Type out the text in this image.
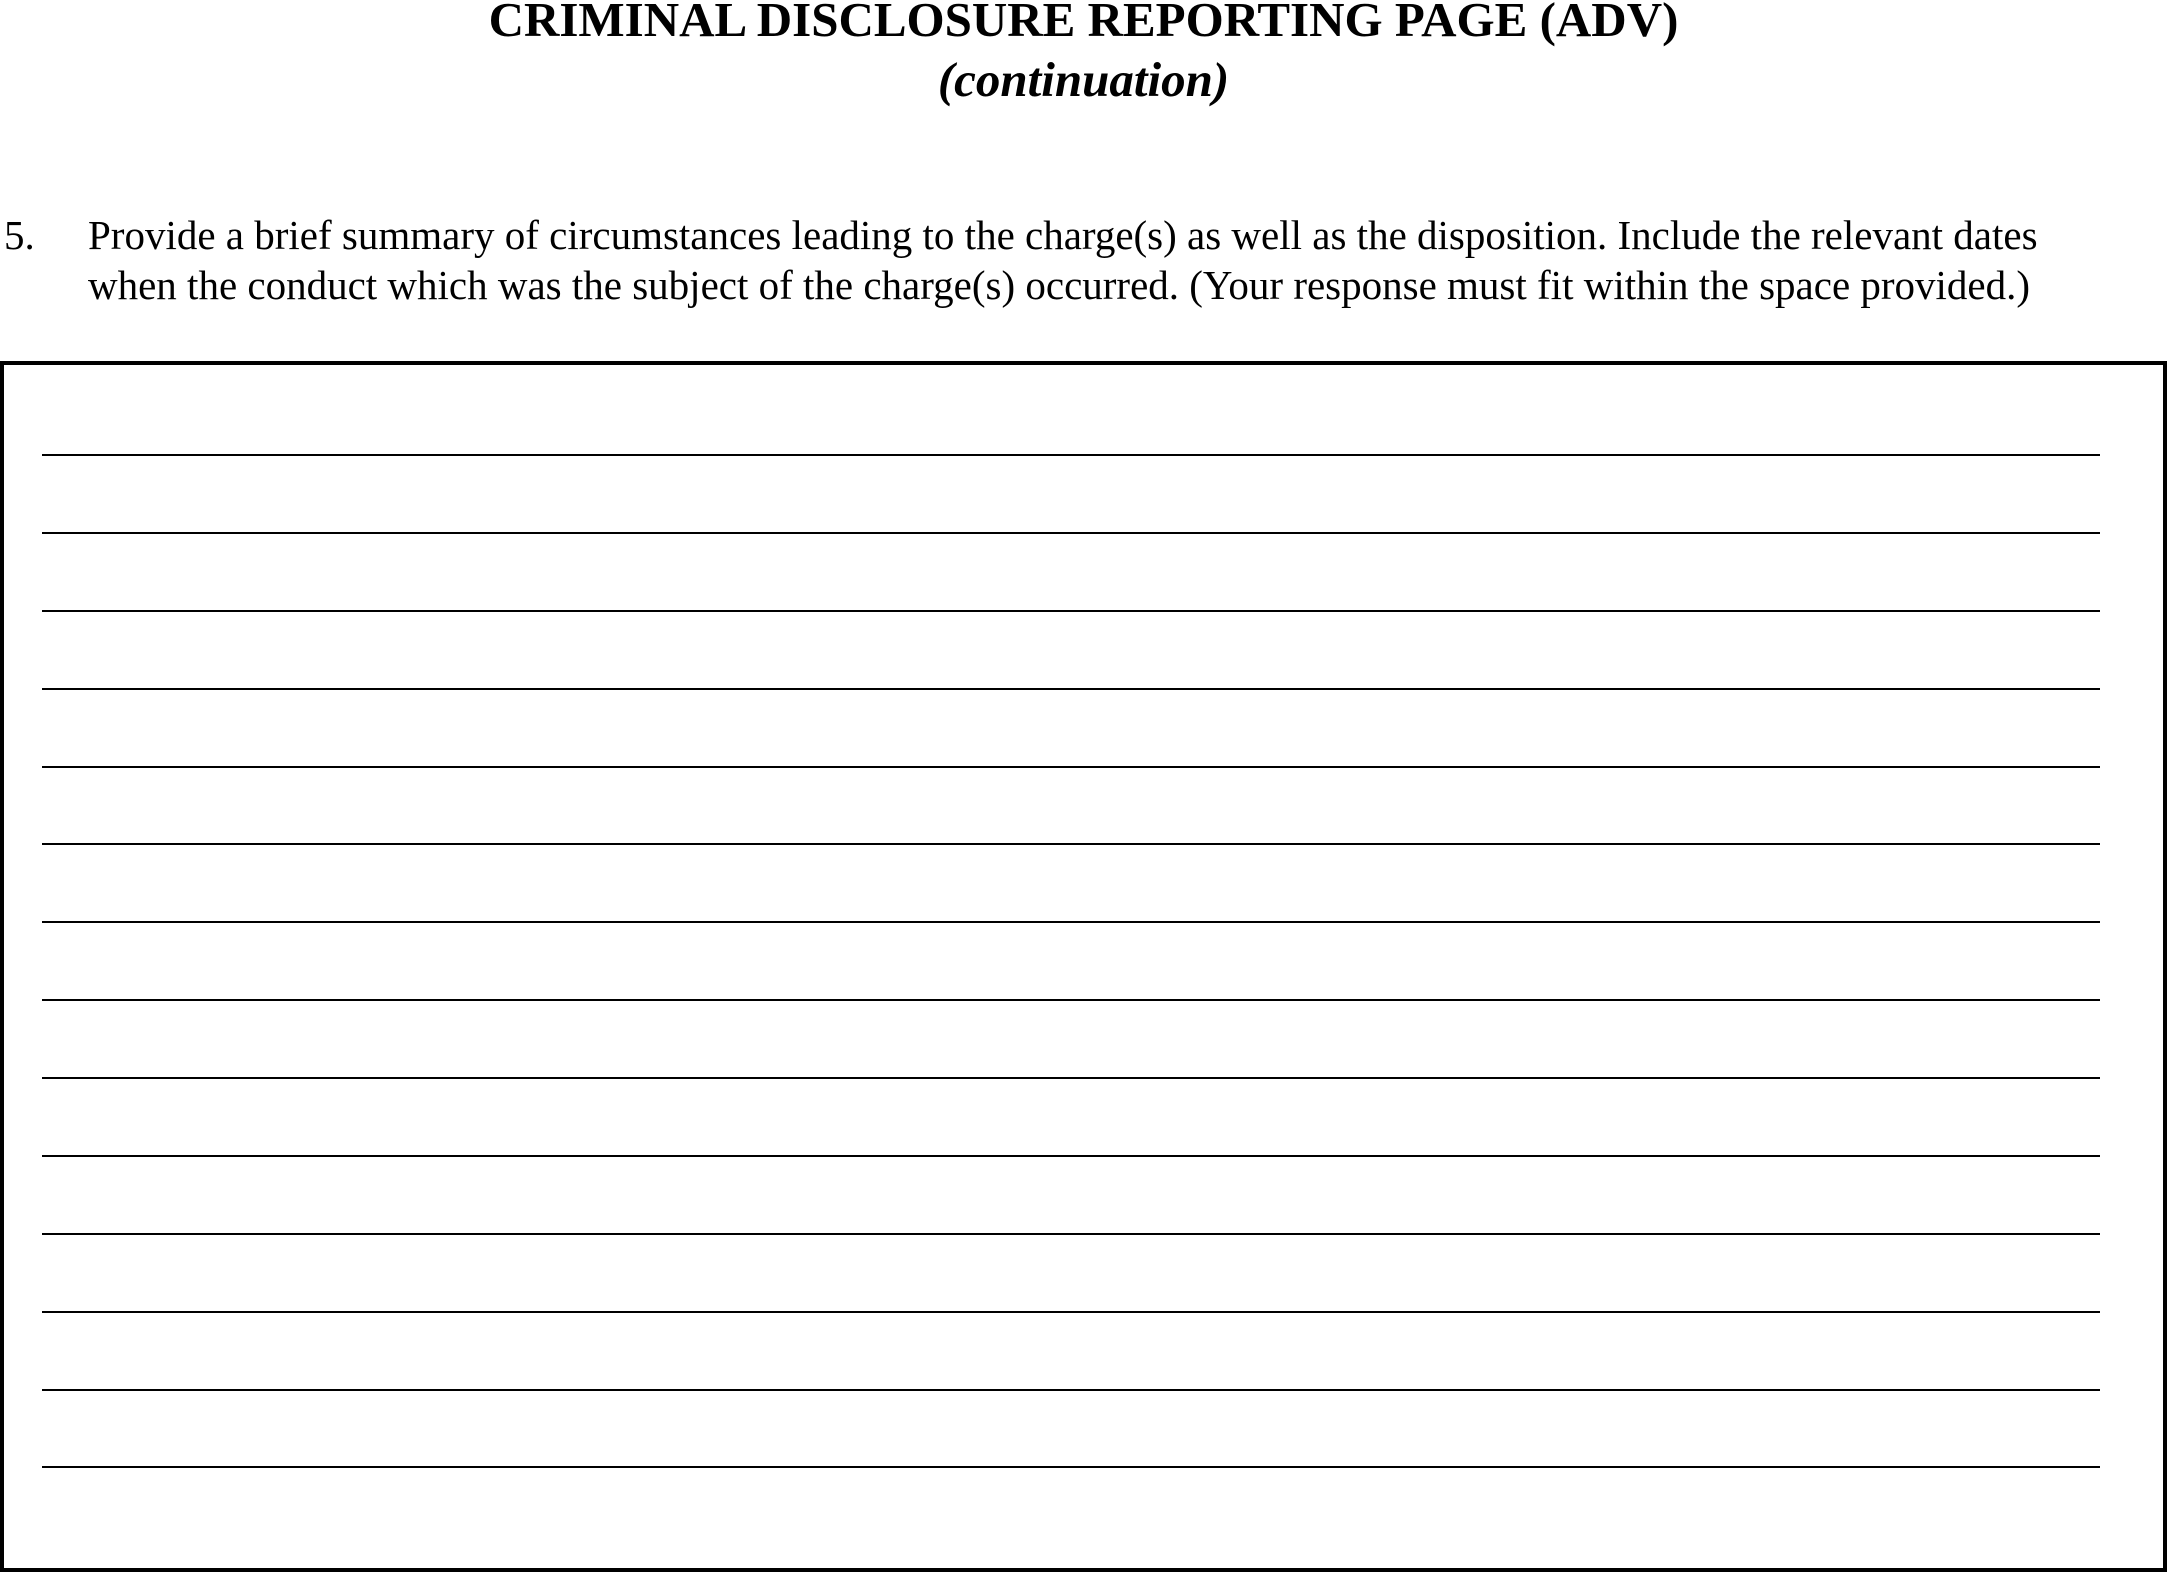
CRIMINAL DISCLOSURE REPORTING PAGE (ADV)
(continuation)
5. Provide a brief summary of circumstances leading to the charge(s) as well as the disposition. Include the relevant dates
when the conduct which was the subject of the charge(s) occurred. (Your response must fit within the space provided.)
